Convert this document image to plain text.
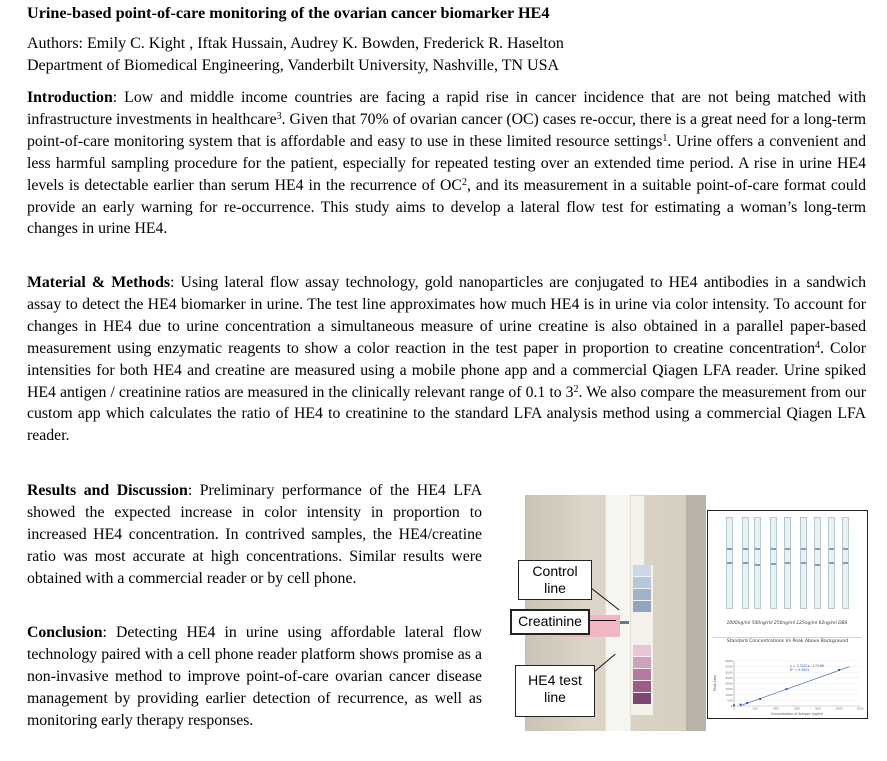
Urine-based point-of-care monitoring of the ovarian cancer biomarker HE4
Authors: Emily C. Kight , Iftak Hussain, Audrey K. Bowden, Frederick R. Haselton
Department of Biomedical Engineering, Vanderbilt University, Nashville, TN USA

Introduction: Low and middle income countries are facing a rapid rise in cancer incidence that are not being matched with infrastructure investments in healthcare$^3$. Given that 70% of ovarian cancer (OC) cases re-occur, there is a great need for a long-term point-of-care monitoring system that is affordable and easy to use in these limited resource settings$^1$. Urine offers a convenient and less harmful sampling procedure for the patient, especially for repeated testing over an extended time period. A rise in urine HE4 levels is detectable earlier than serum HE4 in the recurrence of $OC^2$, and its measurement in a suitable point-of-care format could provide an early warning for re-occurrence. This study aims to develop a lateral flow test for estimating a woman’s long-term changes in urine HE4.

Material & Methods: Using lateral flow assay technology, gold nanoparticles are conjugated to HE4 antibodies in a sandwich assay to detect the HE4 biomarker in urine. The test line approximates how much HE4 is in urine via color intensity. To account for changes in HE4 due to urine concentration a simultaneous measure of urine creatine is also obtained in a parallel paper-based measurement using enzymatic reagents to show a color reaction in the test paper in proportion to creatine concentration$^4$. Color intensities for both HE4 and creatine are measured using a mobile phone app and a commercial Qiagen LFA reader. Urine spiked HE4 antigen / creatinine ratios are measured in the clinically relevant range of 0.1 to $3^2$. We also compare the measurement from our custom app which calculates the ratio of HE4 to creatinine to the standard LFA analysis method using a commercial Qiagen LFA reader.

Results and Discussion: Preliminary performance of the HE4 LFA showed the expected increase in color intensity in proportion to increased HE4 concentration. In contrived samples, the HE4/creatine ratio was most accurate at high concentrations. Similar results were obtained with a commercial reader or by cell phone.

Conclusion: Detecting HE4 in urine using affordable lateral flow technology paired with a cell phone reader platform shows promise as a non-invasive method to improve point-of-care ovarian cancer disease management by providing earlier detection of recurrence, as well as monitoring early therapy responses.

Control line
Creatinine
HE4 test line
1000ng/ml 500ng/ml 250ng/ml 125ng/ml 62ng/ml DBS
Standard Concentrations Vs Peak Above Background
0
500
1000
1500
2000
2500
3000
3500
4000
0	200	400	600	800	1000	1200
y = 3.3321x - 170.66
R² = 0.9902
Concentration of Antigen (ng/ml)
Peak Area
